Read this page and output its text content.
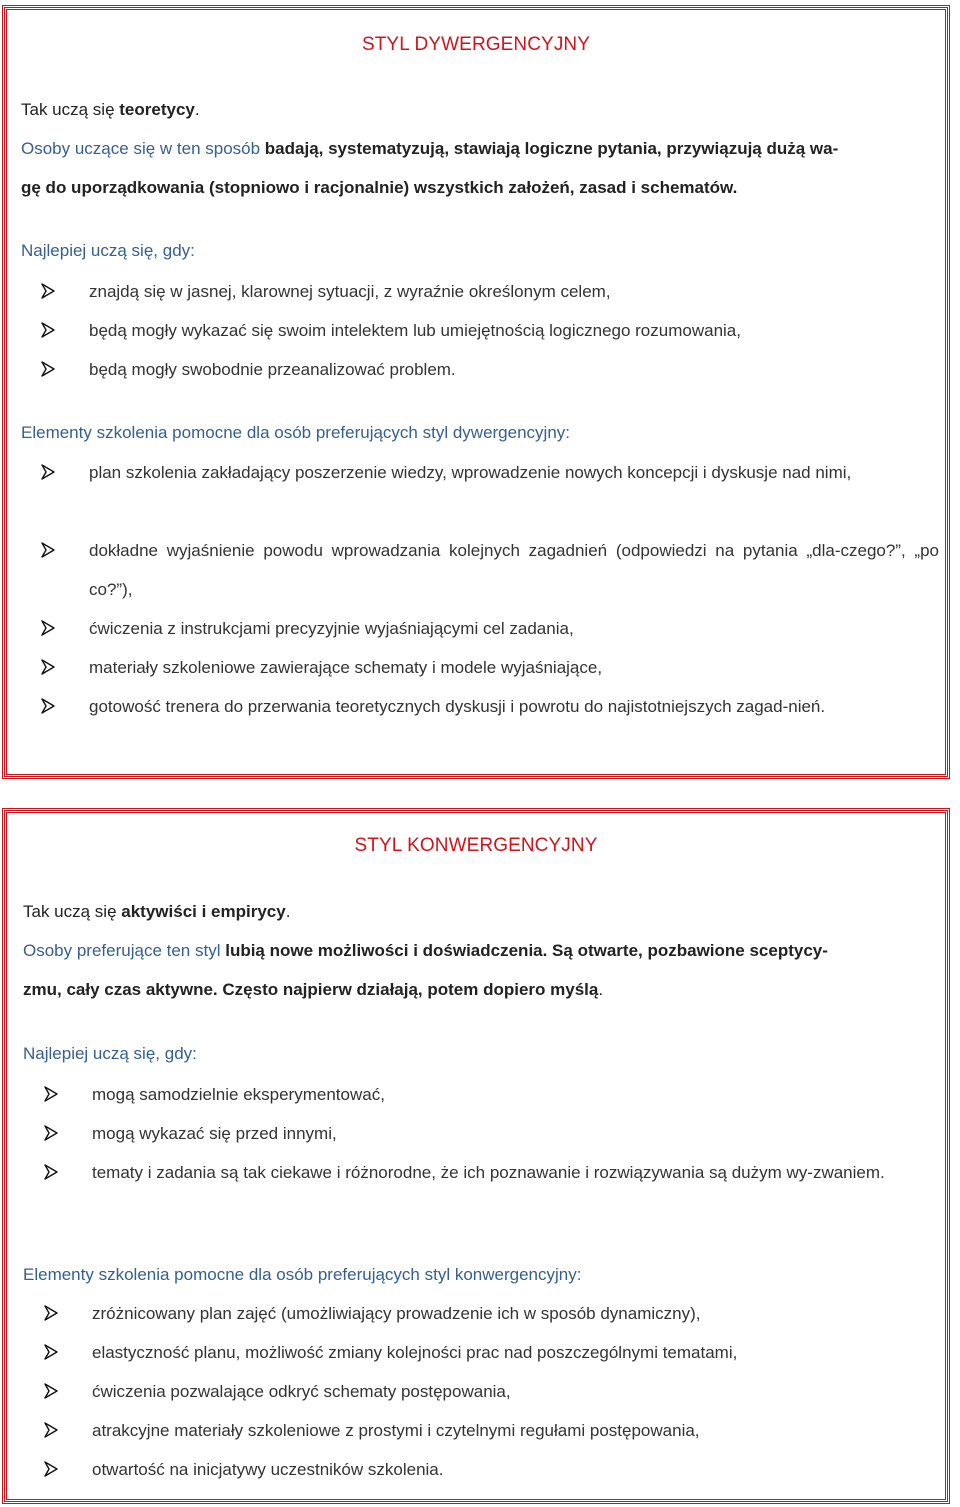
STYL DYWERGENCYJNY
Tak uczą się teoretycy.
Osoby uczące się w ten sposób badają, systematyzują, stawiają logiczne pytania, przywiązują dużą wa-
gę do uporządkowania (stopniowo i racjonalnie) wszystkich założeń, zasad i schematów.
Najlepiej uczą się, gdy:
znajdą się w jasnej, klarownej sytuacji, z wyraźnie określonym celem,
będą mogły wykazać się swoim intelektem lub umiejętnością logicznego rozumowania,
będą mogły swobodnie przeanalizować problem.
Elementy szkolenia pomocne dla osób preferujących styl dywergencyjny:
plan szkolenia zakładający poszerzenie wiedzy, wprowadzenie nowych koncepcji i dyskusje nad nimi,
dokładne wyjaśnienie powodu wprowadzania kolejnych zagadnień (odpowiedzi na pytania „dla-czego?”, „po co?”),
ćwiczenia z instrukcjami precyzyjnie wyjaśniającymi cel zadania,
materiały szkoleniowe zawierające schematy i modele wyjaśniające,
gotowość trenera do przerwania teoretycznych dyskusji i powrotu do najistotniejszych zagad-nień.
STYL KONWERGENCYJNY
Tak uczą się aktywiści i empirycy.
Osoby preferujące ten styl lubią nowe możliwości i doświadczenia. Są otwarte, pozbawione sceptycy-
zmu, cały czas aktywne. Często najpierw działają, potem dopiero myślą.
Najlepiej uczą się, gdy:
mogą samodzielnie eksperymentować,
mogą wykazać się przed innymi,
tematy i zadania są tak ciekawe i różnorodne, że ich poznawanie i rozwiązywania są dużym wy-zwaniem.
Elementy szkolenia pomocne dla osób preferujących styl konwergencyjny:
zróżnicowany plan zajęć (umożliwiający prowadzenie ich w sposób dynamiczny),
elastyczność planu, możliwość zmiany kolejności prac nad poszczególnymi tematami,
ćwiczenia pozwalające odkryć schematy postępowania,
atrakcyjne materiały szkoleniowe z prostymi i czytelnymi regułami postępowania,
otwartość na inicjatywy uczestników szkolenia.
